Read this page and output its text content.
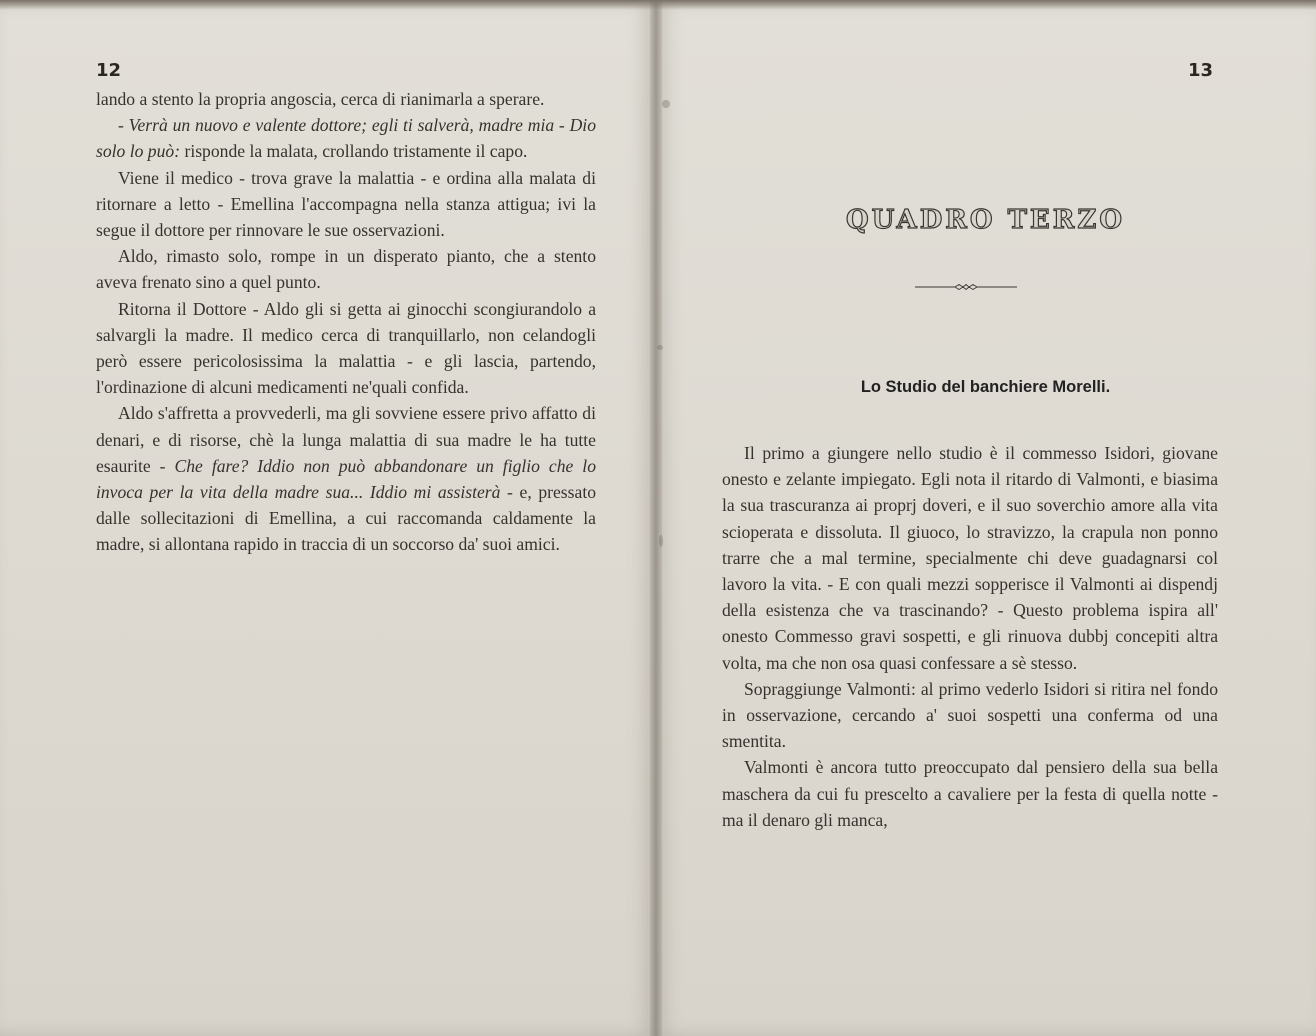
12

lando a stento la propria angoscia, cerca di rianimarla a sperare.

- Verrà un nuovo e valente dottore; egli ti salverà, madre mia - Dio solo lo può: risponde la malata, crollando tristamente il capo.

Viene il medico - trova grave la malattia - e ordina alla malata di ritornare a letto - Emellina l'accompagna nella stanza attigua; ivi la segue il dottore per rinnovare le sue osservazioni.

Aldo, rimasto solo, rompe in un disperato pianto, che a stento aveva frenato sino a quel punto.

Ritorna il Dottore - Aldo gli si getta ai ginocchi scongiurandolo a salvargli la madre. Il medico cerca di tranquillarlo, non celandogli però essere pericolosissima la malattia - e gli lascia, partendo, l'ordinazione di alcuni medicamenti ne'quali confida.

Aldo s'affretta a provvederli, ma gli sovviene essere privo affatto di denari, e di risorse, chè la lunga malattia di sua madre le ha tutte esaurite - Che fare? Iddio non può abbandonare un figlio che lo invoca per la vita della madre sua... Iddio mi assisterà - e, pressato dalle sollecitazioni di Emellina, a cui raccomanda caldamente la madre, si allontana rapido in traccia di un soccorso da' suoi amici.

13
QUADRO TERZO
Lo Studio del banchiere Morelli.

Il primo a giungere nello studio è il commesso Isidori, giovane onesto e zelante impiegato. Egli nota il ritardo di Valmonti, e biasima la sua trascuranza ai proprj doveri, e il suo soverchio amore alla vita scioperata e dissoluta. Il giuoco, lo stravizzo, la crapula non ponno trarre che a mal termine, specialmente chi deve guadagnarsi col lavoro la vita. - E con quali mezzi sopperisce il Valmonti ai dispendj della esistenza che va trascinando? - Questo problema ispira all' onesto Commesso gravi sospetti, e gli rinuova dubbj concepiti altra volta, ma che non osa quasi confessare a sè stesso.

Sopraggiunge Valmonti: al primo vederlo Isidori si ritira nel fondo in osservazione, cercando a' suoi sospetti una conferma od una smentita.

Valmonti è ancora tutto preoccupato dal pensiero della sua bella maschera da cui fu prescelto a cavaliere per la festa di quella notte - ma il denaro gli manca,
